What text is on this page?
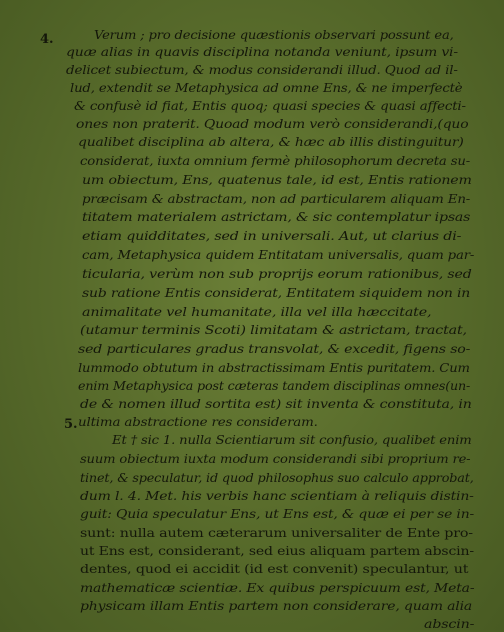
4.
5.
Verum ; pro decisione quæstionis observari possunt ea,
quæ alias in quavis disciplina notanda veniunt, ipsum vi-
delicet subiectum, & modus considerandi illud. Quod ad il-
lud, extendit se Metaphysica ad omne Ens, & ne imperfectè
& confusè id fiat, Entis quoq; quasi species & quasi affecti-
ones non praterit. Quoad modum verò considerandi,(quo
qualibet disciplina ab altera, & hæc ab illis distinguitur)
considerat, iuxta omnium fermè philosophorum decreta su-
um obiectum, Ens, quatenus tale, id est, Entis rationem
præcisam & abstractam, non ad particularem aliquam En-
titatem materialem astrictam, & sic contemplatur ipsas
etiam quidditates, sed in universali. Aut, ut clarius di-
cam, Metaphysica quidem Entitatam universalis, quam par-
ticularia, verùm non sub proprijs eorum rationibus, sed
sub ratione Entis considerat, Entitatem siquidem non in
animalitate vel humanitate, illa vel illa hæccitate,
(utamur terminis Scoti) limitatam & astrictam, tractat,
sed particulares gradus transvolat, & excedit, figens so-
lummodo obtutum in abstractissimam Entis puritatem. Cum
enim Metaphysica post cæteras tandem disciplinas omnes(un-
de & nomen illud sortita est) sit inventa & constituta, in
ultima abstractione res consideraт.
Et † sic 1. nulla Scientiarum sit confusio, qualibet enim
suum obiectum iuxta modum considerandi sibi proprium re-
tinet, & speculatur, id quod philosophus suo calculo approbat,
dum l. 4. Met. his verbis hanc scientiam à reliquis distin-
guit: Quia speculatur Ens, ut Ens est, & quæ ei per se in-
sunt: nulla autem cæterarum universaliter de Ente pro-
ut Ens est, considerant, sed eius aliquam partem abscin-
dentes, quod ei accidit (id est convenit) speculantur, ut
mathematicæ scientiæ. Ex quibus perspicuum est, Meta-
physicam illam Entis partem non considerare, quam alia
abscin-
